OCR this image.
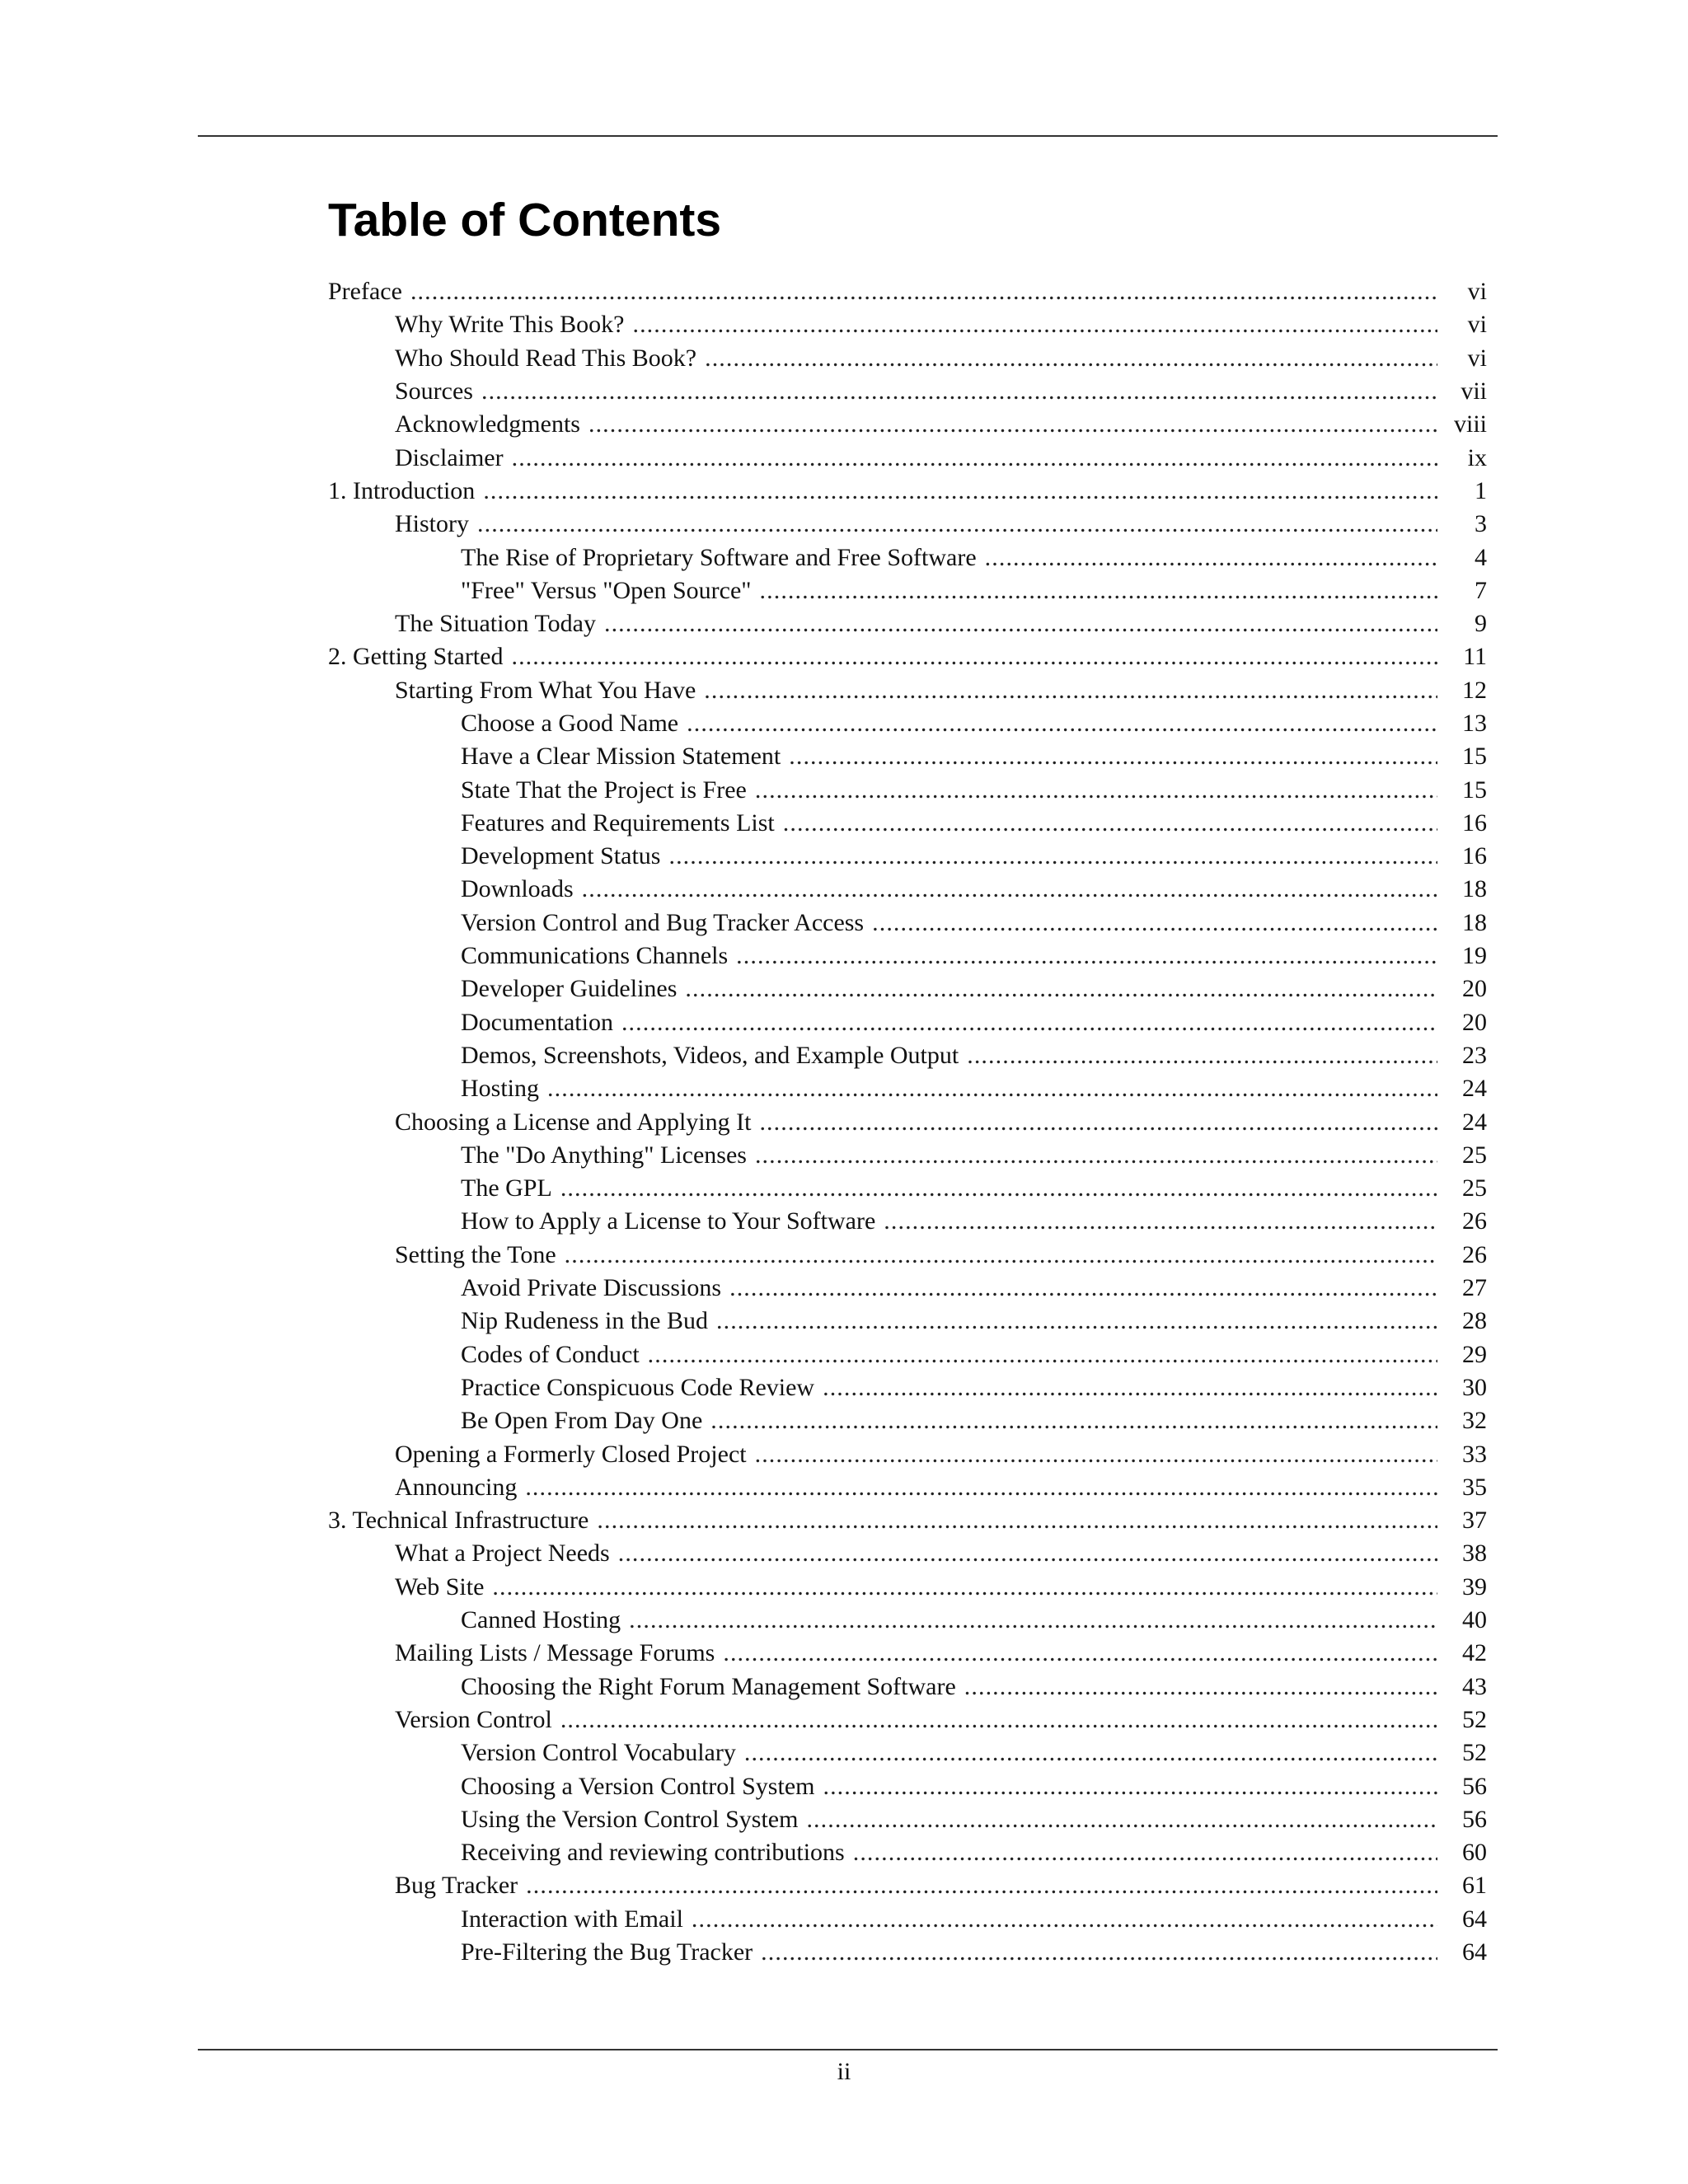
Table of Contents
Preface . . .	vi
Why Write This Book? . . .	vi
Who Should Read This Book? . . .	vi
Sources . . .	vii
Acknowledgments . . .	viii
Disclaimer . . .	ix
1. Introduction . . .	1
History . . .	3
The Rise of Proprietary Software and Free Software . . .	4
"Free" Versus "Open Source" . . .	7
The Situation Today . . .	9
2. Getting Started . . .	11
Starting From What You Have . . .	12
Choose a Good Name . . .	13
Have a Clear Mission Statement . . .	15
State That the Project is Free . . .	15
Features and Requirements List . . .	16
Development Status . . .	16
Downloads . . .	18
Version Control and Bug Tracker Access . . .	18
Communications Channels . . .	19
Developer Guidelines . . .	20
Documentation . . .	20
Demos, Screenshots, Videos, and Example Output . . .	23
Hosting . . .	24
Choosing a License and Applying It . . .	24
The "Do Anything" Licenses . . .	25
The GPL . . .	25
How to Apply a License to Your Software . . .	26
Setting the Tone . . .	26
Avoid Private Discussions . . .	27
Nip Rudeness in the Bud . . .	28
Codes of Conduct . . .	29
Practice Conspicuous Code Review . . .	30
Be Open From Day One . . .	32
Opening a Formerly Closed Project . . .	33
Announcing . . .	35
3. Technical Infrastructure . . .	37
What a Project Needs . . .	38
Web Site . . .	39
Canned Hosting . . .	40
Mailing Lists / Message Forums . . .	42
Choosing the Right Forum Management Software . . .	43
Version Control . . .	52
Version Control Vocabulary . . .	52
Choosing a Version Control System . . .	56
Using the Version Control System . . .	56
Receiving and reviewing contributions . . .	60
Bug Tracker . . .	61
Interaction with Email . . .	64
Pre-Filtering the Bug Tracker . . .	64
ii
